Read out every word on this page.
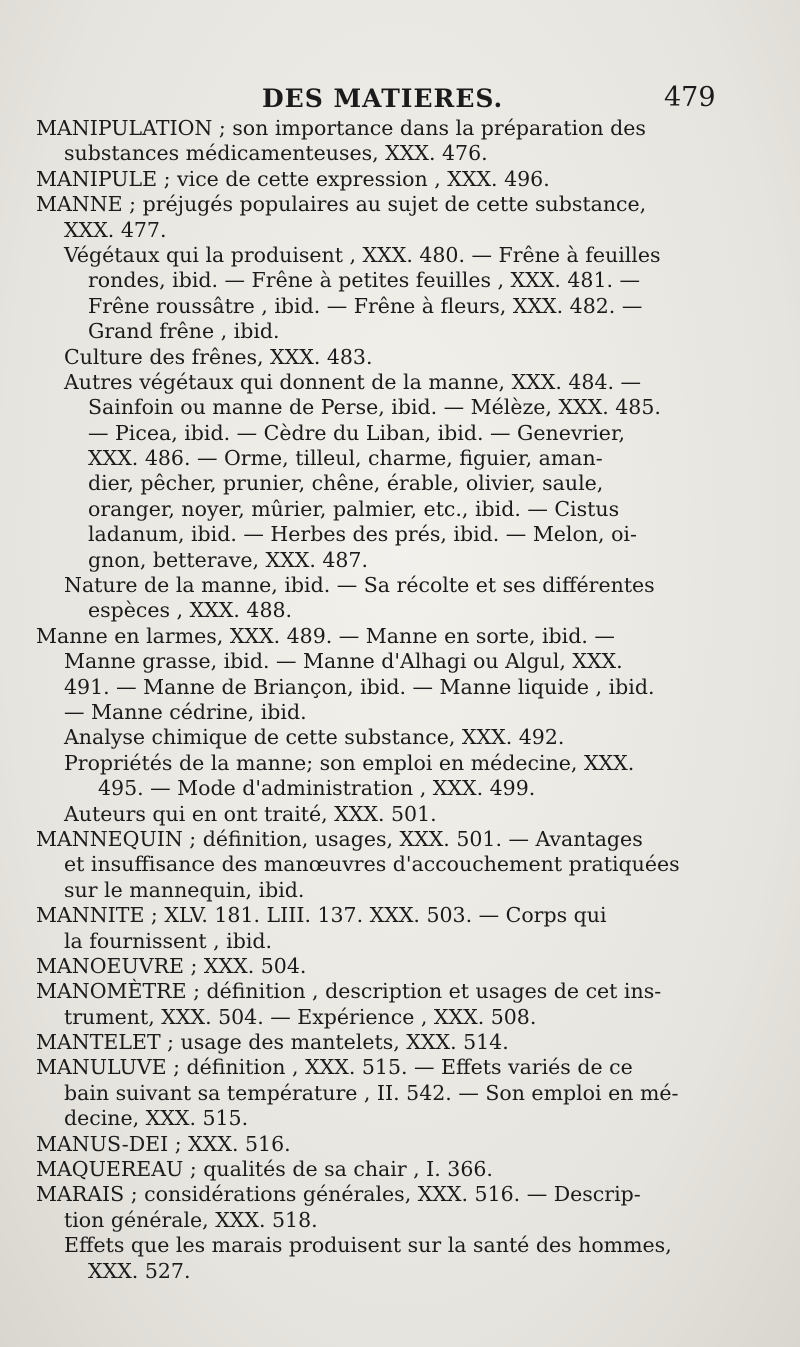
DES MATIERES.	479
MANIPULATION ; son importance dans la préparation des
substances médicamenteuses, XXX. 476.
MANIPULE ; vice de cette expression , XXX. 496.
MANNE ; préjugés populaires au sujet de cette substance,
XXX. 477.
Végétaux qui la produisent , XXX. 480. — Frêne à feuilles
rondes, ibid. — Frêne à petites feuilles , XXX. 481. —
Frêne roussâtre , ibid. — Frêne à fleurs, XXX. 482. —
Grand frêne , ibid.
Culture des frênes, XXX. 483.
Autres végétaux qui donnent de la manne, XXX. 484. —
Sainfoin ou manne de Perse, ibid. — Mélèze, XXX. 485.
— Picea, ibid. — Cèdre du Liban, ibid. — Genevrier,
XXX. 486. — Orme, tilleul, charme, figuier, aman-
dier, pêcher, prunier, chêne, érable, olivier, saule,
oranger, noyer, mûrier, palmier, etc., ibid. — Cistus
ladanum, ibid. — Herbes des prés, ibid. — Melon, oi-
gnon, betterave, XXX. 487.
Nature de la manne, ibid. — Sa récolte et ses différentes
espèces , XXX. 488.
Manne en larmes, XXX. 489. — Manne en sorte, ibid. —
Manne grasse, ibid. — Manne d'Alhagi ou Algul, XXX.
491. — Manne de Briançon, ibid. — Manne liquide , ibid.
— Manne cédrine, ibid.
Analyse chimique de cette substance, XXX. 492.
Propriétés de la manne; son emploi en médecine, XXX.
495. — Mode d'administration , XXX. 499.
Auteurs qui en ont traité, XXX. 501.
MANNEQUIN ; définition, usages, XXX. 501. — Avantages
et insuffisance des manœuvres d'accouchement pratiquées
sur le mannequin, ibid.
MANNITE ; XLV. 181. LIII. 137. XXX. 503. — Corps qui
la fournissent , ibid.
MANOEUVRE ; XXX. 504.
MANOMÈTRE ; définition , description et usages de cet ins-
trument, XXX. 504. — Expérience , XXX. 508.
MANTELET ; usage des mantelets, XXX. 514.
MANULUVE ; définition , XXX. 515. — Effets variés de ce
bain suivant sa température , II. 542. — Son emploi en mé-
decine, XXX. 515.
MANUS-DEI ; XXX. 516.
MAQUEREAU ; qualités de sa chair , I. 366.
MARAIS ; considérations générales, XXX. 516. — Descrip-
tion générale, XXX. 518.
Effets que les marais produisent sur la santé des hommes,
XXX. 527.
